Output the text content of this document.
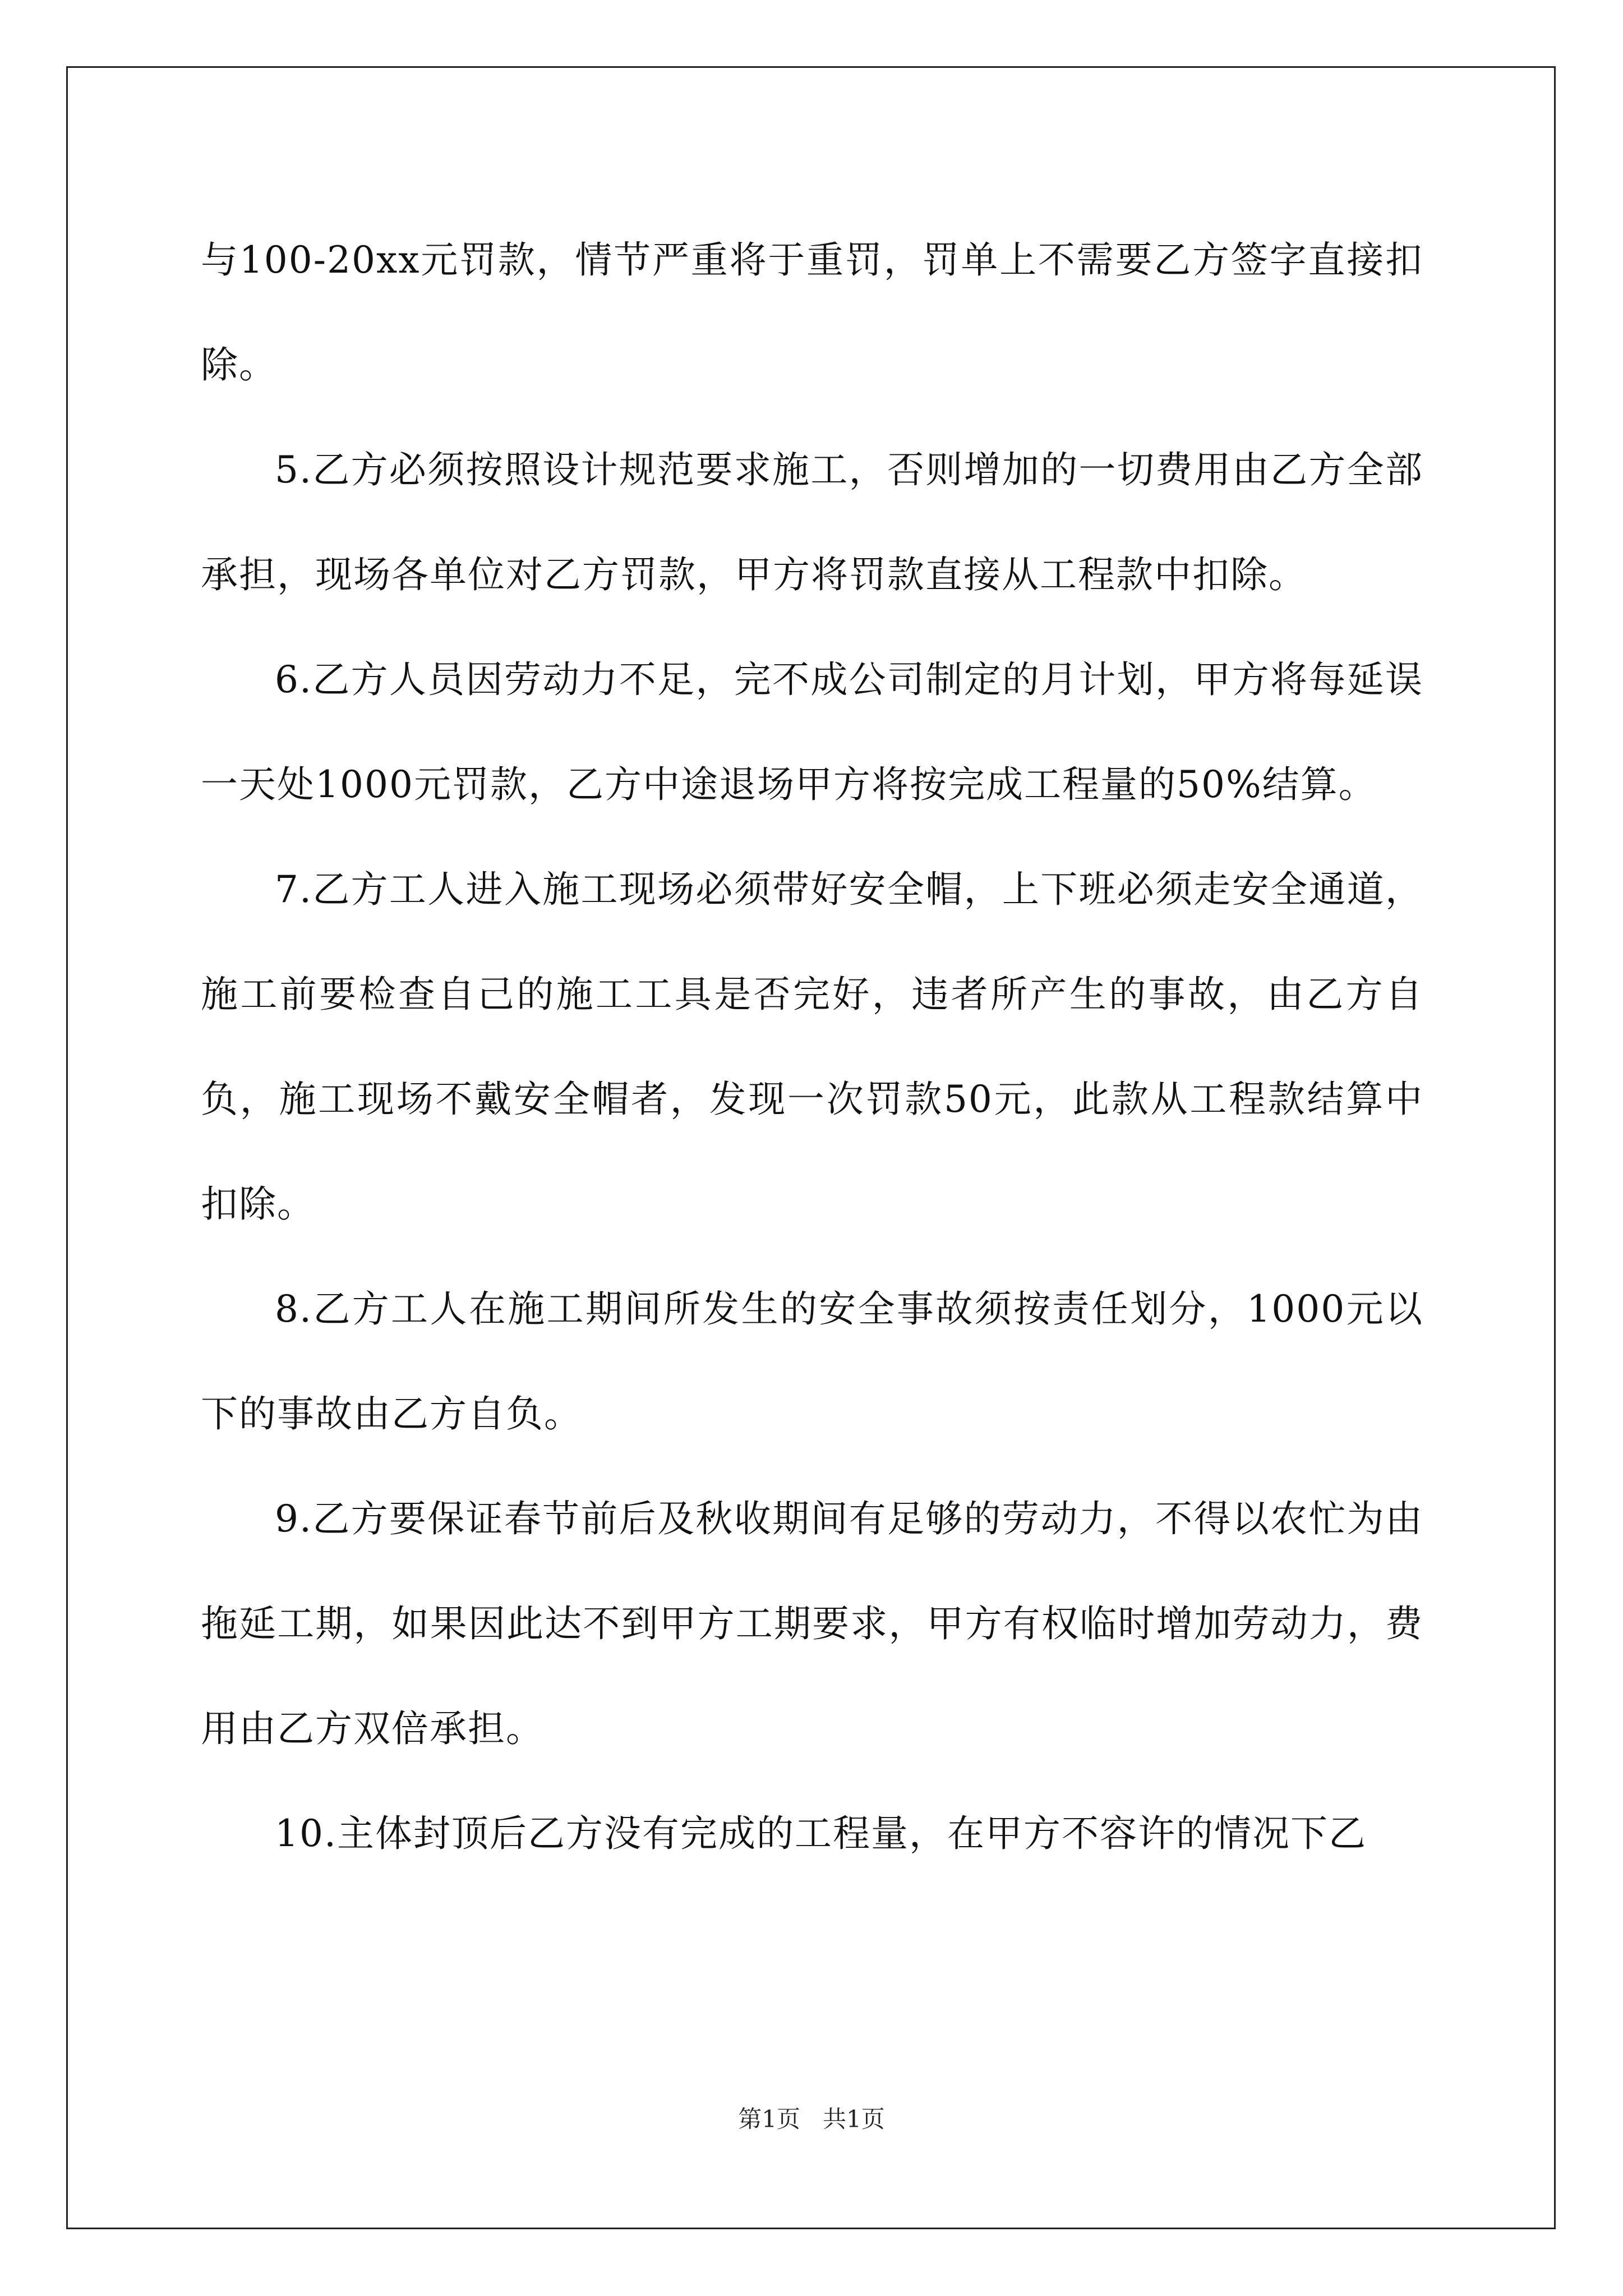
与100-20xx元罚款，情节严重将于重罚，罚单上不需要乙方签字直接扣除。

5.乙方必须按照设计规范要求施工，否则增加的一切费用由乙方全部承担，现场各单位对乙方罚款，甲方将罚款直接从工程款中扣除。

6.乙方人员因劳动力不足，完不成公司制定的月计划，甲方将每延误一天处1000元罚款，乙方中途退场甲方将按完成工程量的50%结算。

7.乙方工人进入施工现场必须带好安全帽，上下班必须走安全通道，施工前要检查自己的施工工具是否完好，违者所产生的事故，由乙方自负，施工现场不戴安全帽者，发现一次罚款50元，此款从工程款结算中扣除。

8.乙方工人在施工期间所发生的安全事故须按责任划分，1000元以下的事故由乙方自负。

9.乙方要保证春节前后及秋收期间有足够的劳动力，不得以农忙为由拖延工期，如果因此达不到甲方工期要求，甲方有权临时增加劳动力，费用由乙方双倍承担。

10.主体封顶后乙方没有完成的工程量，在甲方不容许的情况下乙

第1页 共1页
